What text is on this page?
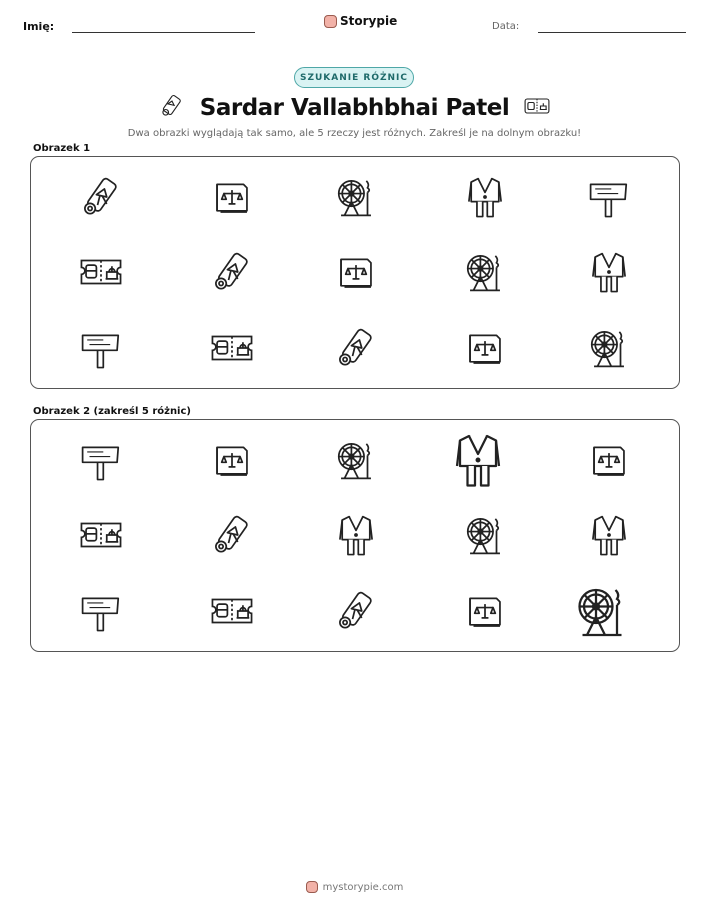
Imię:	Storypie	Data:
SZUKANIE RÓŻNIC
Sardar Vallabhbhai Patel
Dwa obrazki wyglądają tak samo, ale 5 rzeczy jest różnych. Zakreśl je na dolnym obrazku!
Obrazek 1
Obrazek 2 (zakreśl 5 różnic)
mystorypie.com
